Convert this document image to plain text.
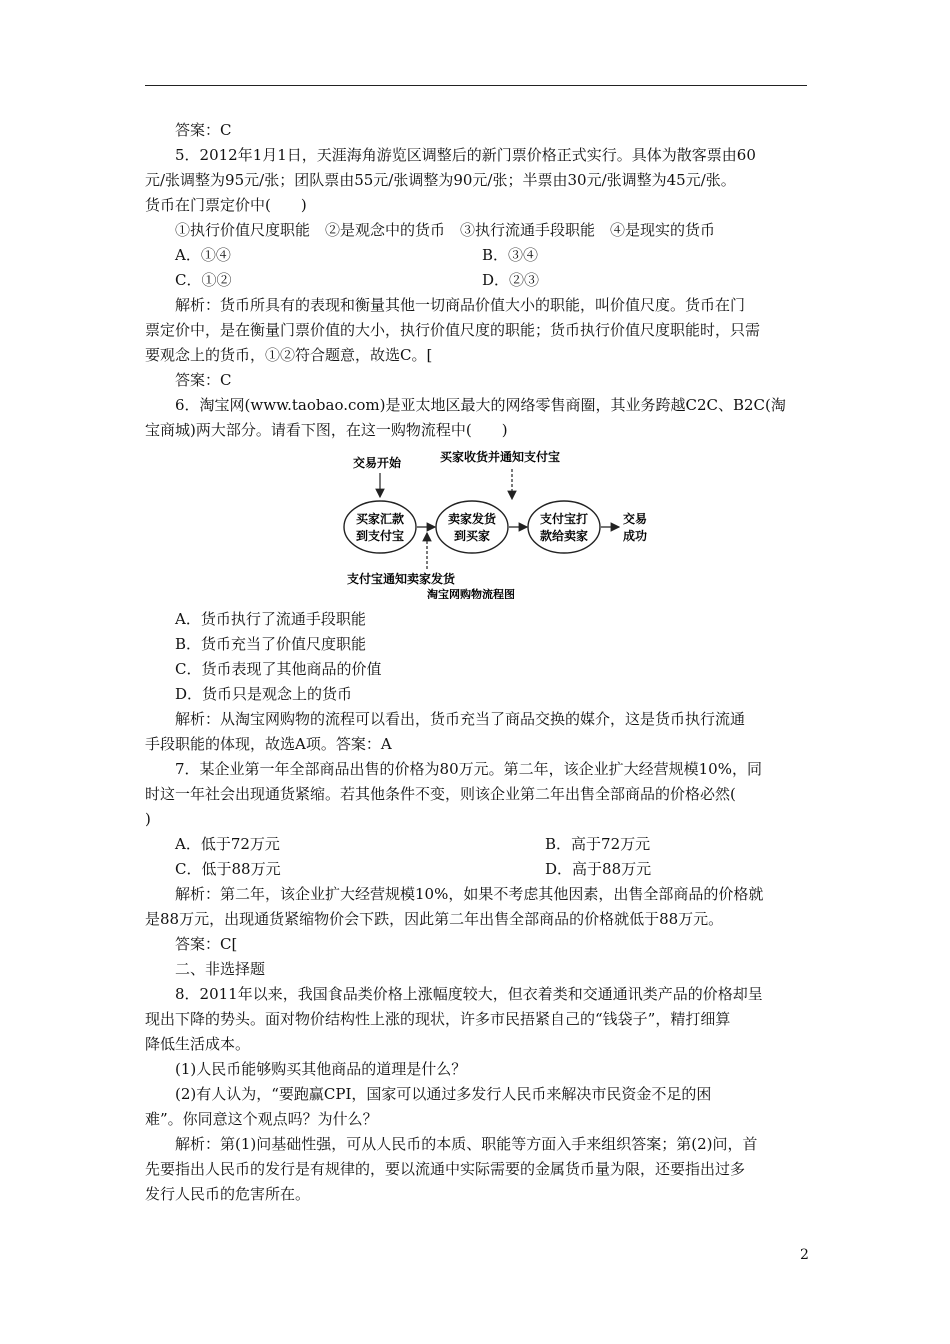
答案：C
5．2012年1月1日，天涯海角游览区调整后的新门票价格正式实行。具体为散客票由60
元/张调整为95元/张；团队票由55元/张调整为90元/张；半票由30元/张调整为45元/张。
货币在门票定价中(　　)
①执行价值尺度职能　②是观念中的货币　③执行流通手段职能　④是现实的货币
A．①④	B．③④
C．①②	D．②③
解析：货币所具有的表现和衡量其他一切商品价值大小的职能，叫价值尺度。货币在门
票定价中，是在衡量门票价值的大小，执行价值尺度的职能；货币执行价值尺度职能时，只需
要观念上的货币，①②符合题意，故选C。[
答案：C
6．淘宝网(www.taobao.com)是亚太地区最大的网络零售商圈，其业务跨越C2C、B2C(淘
宝商城)两大部分。请看下图，在这一购物流程中(　　)
交易开始	买家收货并通知支付宝
买家汇款
到支付宝
卖家发货
到买家
支付宝打
款给卖家
交易
成功
支付宝通知卖家发货
淘宝网购物流程图
A．货币执行了流通手段职能
B．货币充当了价值尺度职能
C．货币表现了其他商品的价值
D．货币只是观念上的货币
解析：从淘宝网购物的流程可以看出，货币充当了商品交换的媒介，这是货币执行流通
手段职能的体现，故选A项。答案：A
7．某企业第一年全部商品出售的价格为80万元。第二年，该企业扩大经营规模10%，同
时这一年社会出现通货紧缩。若其他条件不变，则该企业第二年出售全部商品的价格必然(
)
A．低于72万元	B．高于72万元
C．低于88万元	D．高于88万元
解析：第二年，该企业扩大经营规模10%，如果不考虑其他因素，出售全部商品的价格就
是88万元，出现通货紧缩物价会下跌，因此第二年出售全部商品的价格就低于88万元。
答案：C[
二、非选择题
8．2011年以来，我国食品类价格上涨幅度较大，但衣着类和交通通讯类产品的价格却呈
现出下降的势头。面对物价结构性上涨的现状，许多市民捂紧自己的“钱袋子”，精打细算
降低生活成本。
(1)人民币能够购买其他商品的道理是什么？
(2)有人认为，“要跑赢CPI，国家可以通过多发行人民币来解决市民资金不足的困
难”。你同意这个观点吗？为什么？
解析：第(1)问基础性强，可从人民币的本质、职能等方面入手来组织答案；第(2)问，首
先要指出人民币的发行是有规律的，要以流通中实际需要的金属货币量为限，还要指出过多
发行人民币的危害所在。
2
